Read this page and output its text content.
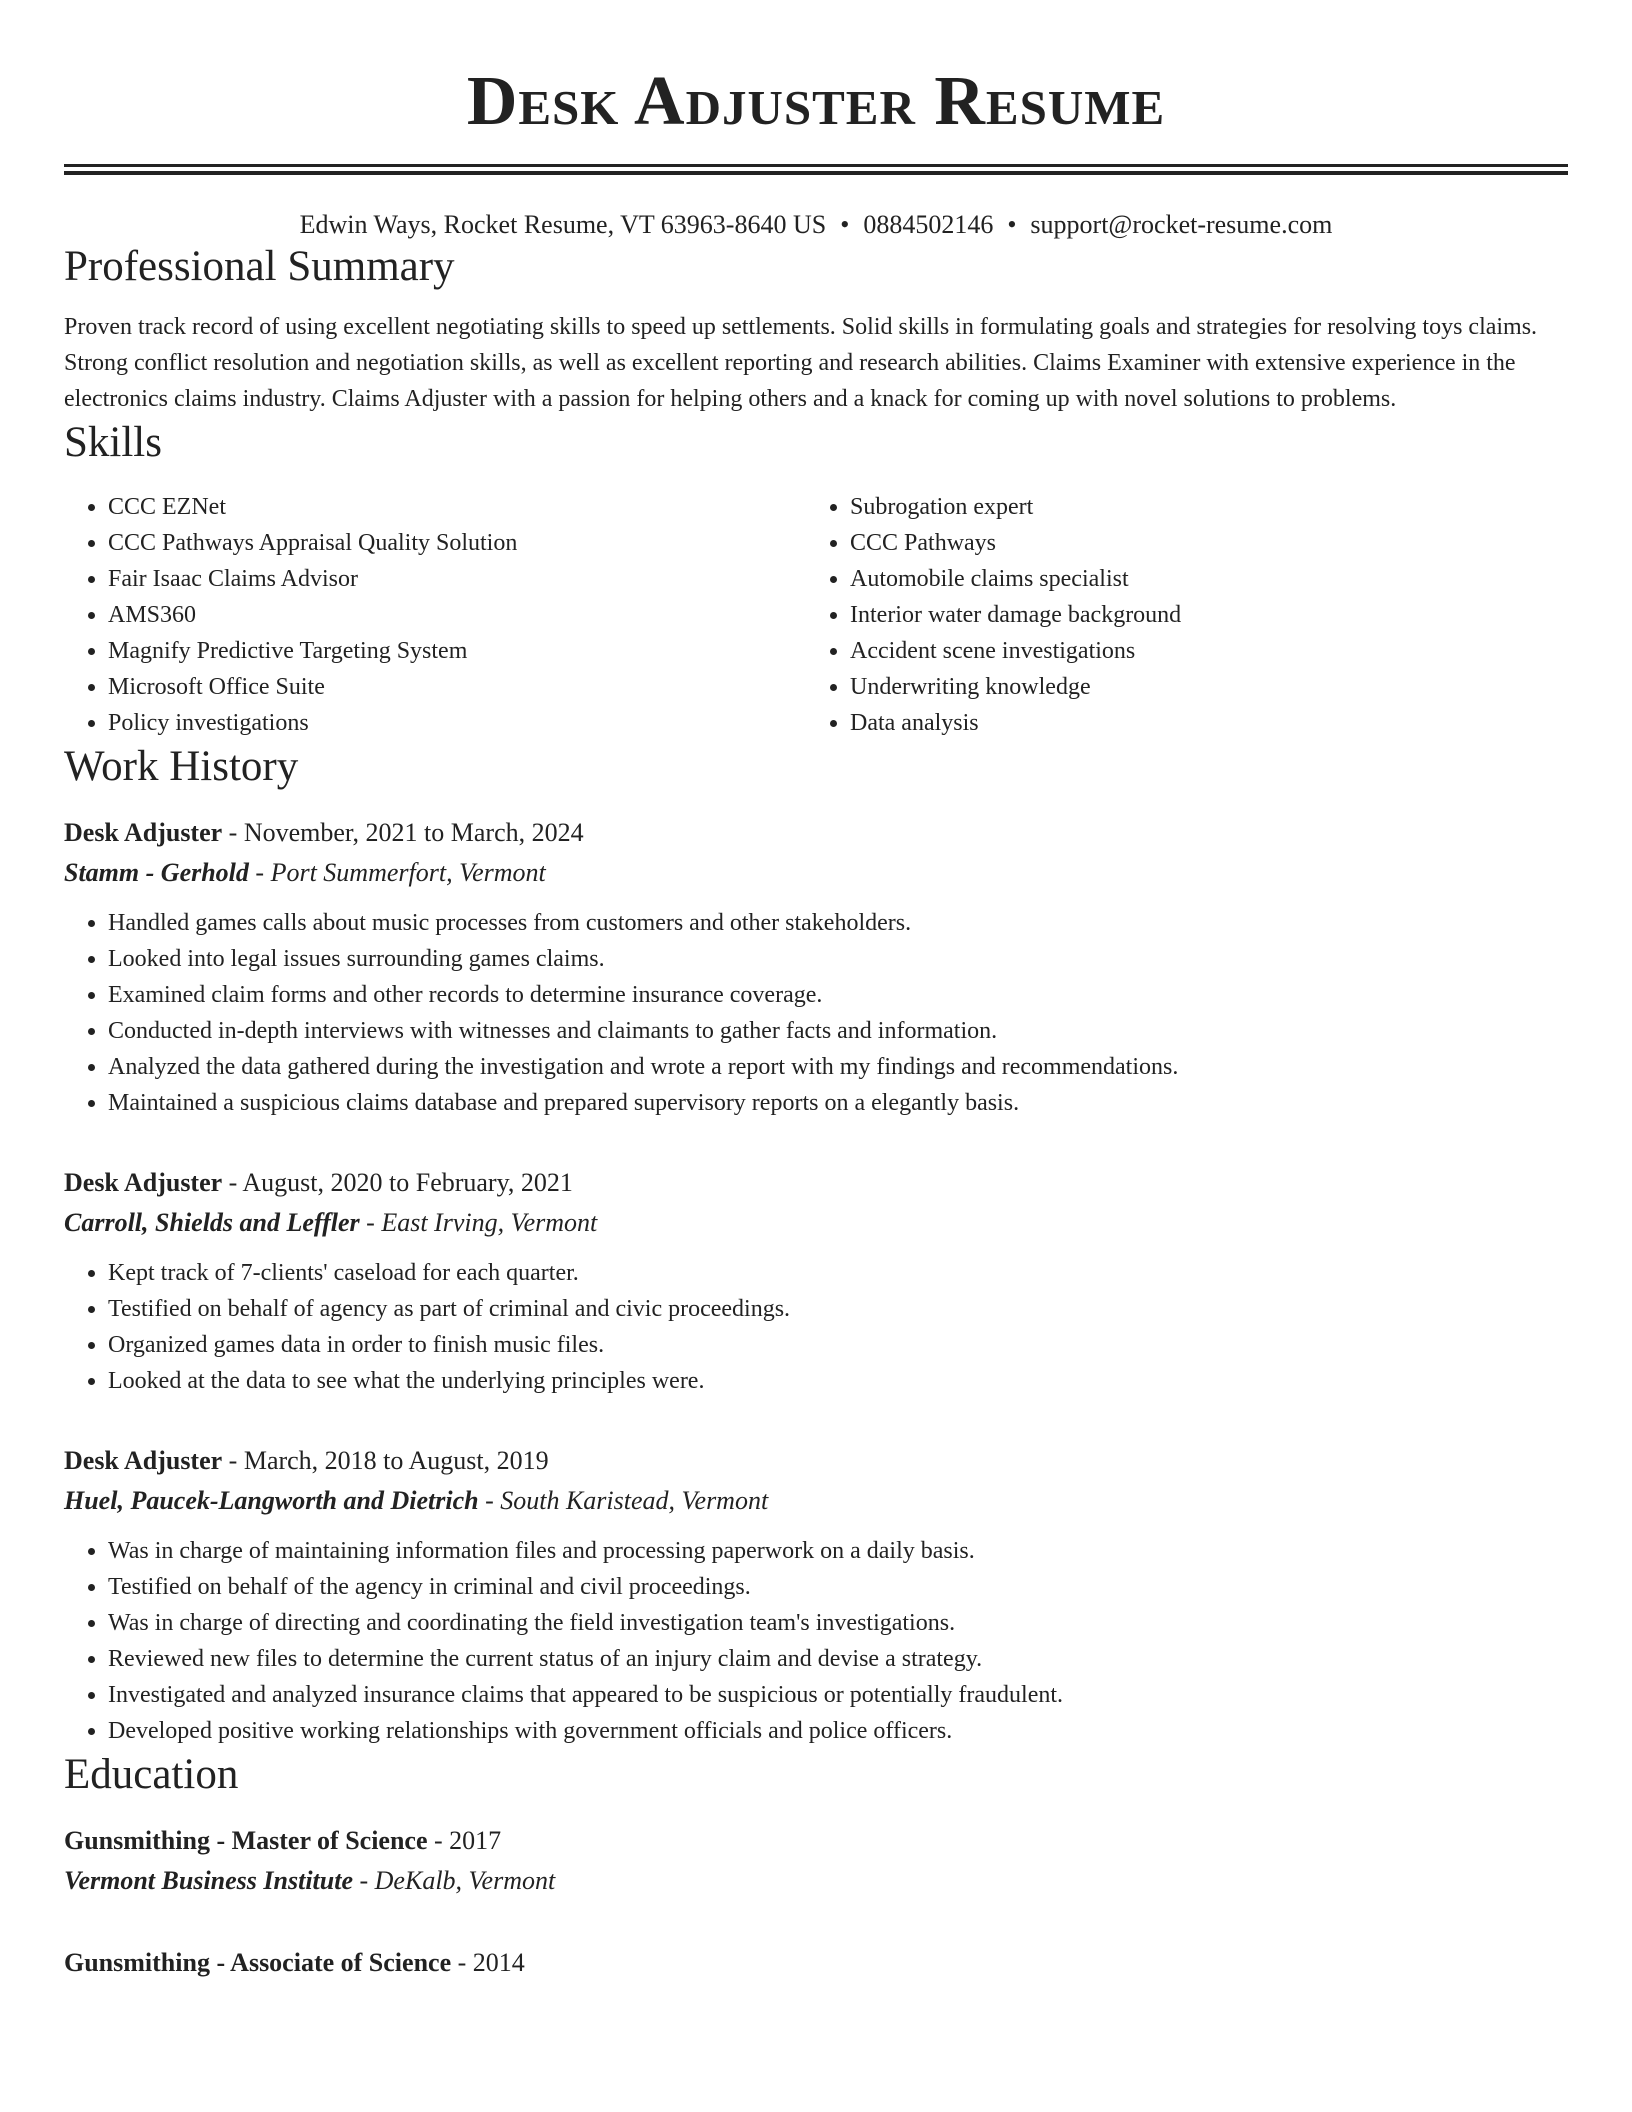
Desk Adjuster Resume
Edwin Ways, Rocket Resume, VT 63963-8640 US • 0884502146 • support@rocket-resume.com
Professional Summary

Proven track record of using excellent negotiating skills to speed up settlements. Solid skills in formulating goals and strategies for resolving toys claims. Strong conflict resolution and negotiation skills, as well as excellent reporting and research abilities. Claims Examiner with extensive experience in the electronics claims industry. Claims Adjuster with a passion for helping others and a knack for coming up with novel solutions to problems.

Skills
• CCC EZNet
• CCC Pathways Appraisal Quality Solution
• Fair Isaac Claims Advisor
• AMS360
• Magnify Predictive Targeting System
• Microsoft Office Suite
• Policy investigations
• Subrogation expert
• CCC Pathways
• Automobile claims specialist
• Interior water damage background
• Accident scene investigations
• Underwriting knowledge
• Data analysis
Work History
Desk Adjuster - November, 2021 to March, 2024
Stamm - Gerhold - Port Summerfort, Vermont
• Handled games calls about music processes from customers and other stakeholders.
• Looked into legal issues surrounding games claims.
• Examined claim forms and other records to determine insurance coverage.
• Conducted in-depth interviews with witnesses and claimants to gather facts and information.
• Analyzed the data gathered during the investigation and wrote a report with my findings and recommendations.
• Maintained a suspicious claims database and prepared supervisory reports on a elegantly basis.
Desk Adjuster - August, 2020 to February, 2021
Carroll, Shields and Leffler - East Irving, Vermont
• Kept track of 7-clients' caseload for each quarter.
• Testified on behalf of agency as part of criminal and civic proceedings.
• Organized games data in order to finish music files.
• Looked at the data to see what the underlying principles were.
Desk Adjuster - March, 2018 to August, 2019
Huel, Paucek-Langworth and Dietrich - South Karistead, Vermont
• Was in charge of maintaining information files and processing paperwork on a daily basis.
• Testified on behalf of the agency in criminal and civil proceedings.
• Was in charge of directing and coordinating the field investigation team's investigations.
• Reviewed new files to determine the current status of an injury claim and devise a strategy.
• Investigated and analyzed insurance claims that appeared to be suspicious or potentially fraudulent.
• Developed positive working relationships with government officials and police officers.
Education
Gunsmithing - Master of Science - 2017
Vermont Business Institute - DeKalb, Vermont
Gunsmithing - Associate of Science - 2014
